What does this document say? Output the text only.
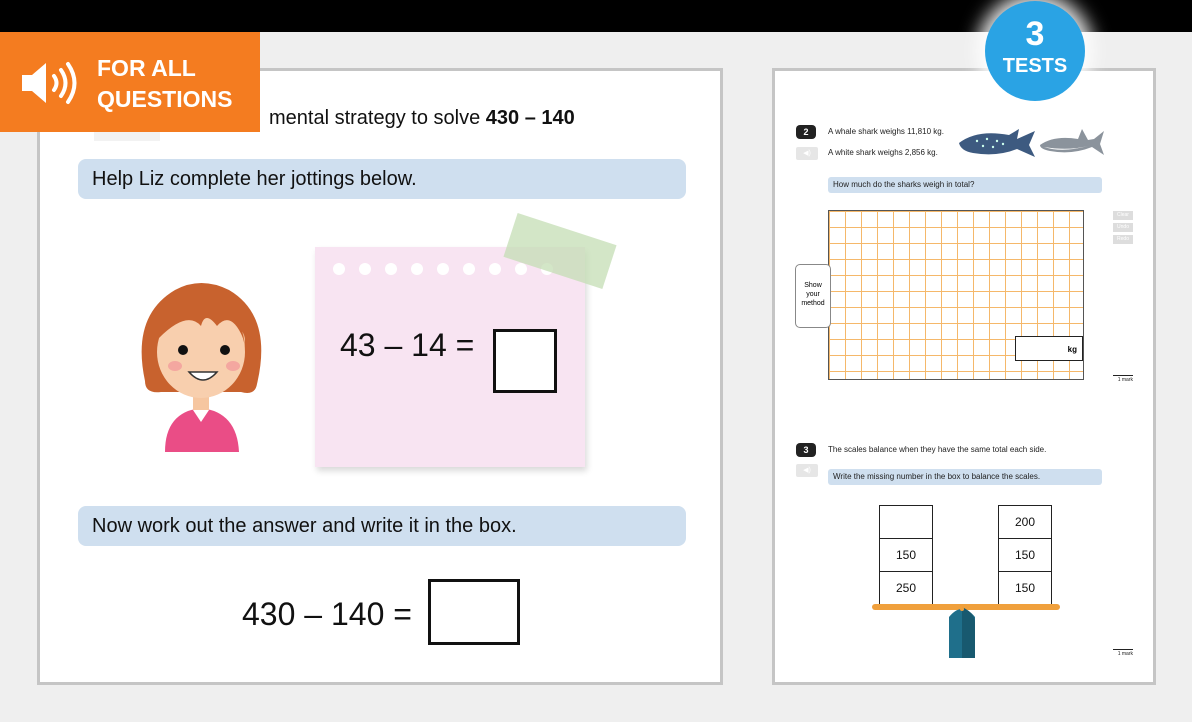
FOR ALL
QUESTIONS
3
TESTS
mental strategy to solve 430 – 140
Help Liz complete her jottings below.
43 – 14 =
Now work out the answer and write it in the box.
430 – 140 =
2
◀)
A whale shark weighs 11,810 kg.
A white shark weighs 2,856 kg.
How much do the sharks weigh in total?
kg
Show
your
method
Clear
Undo
Redo
1 mark
3
◀)
The scales balance when they have the same total each side.
Write the missing number in the box to balance the scales.
150
250
200
150
150
1 mark
